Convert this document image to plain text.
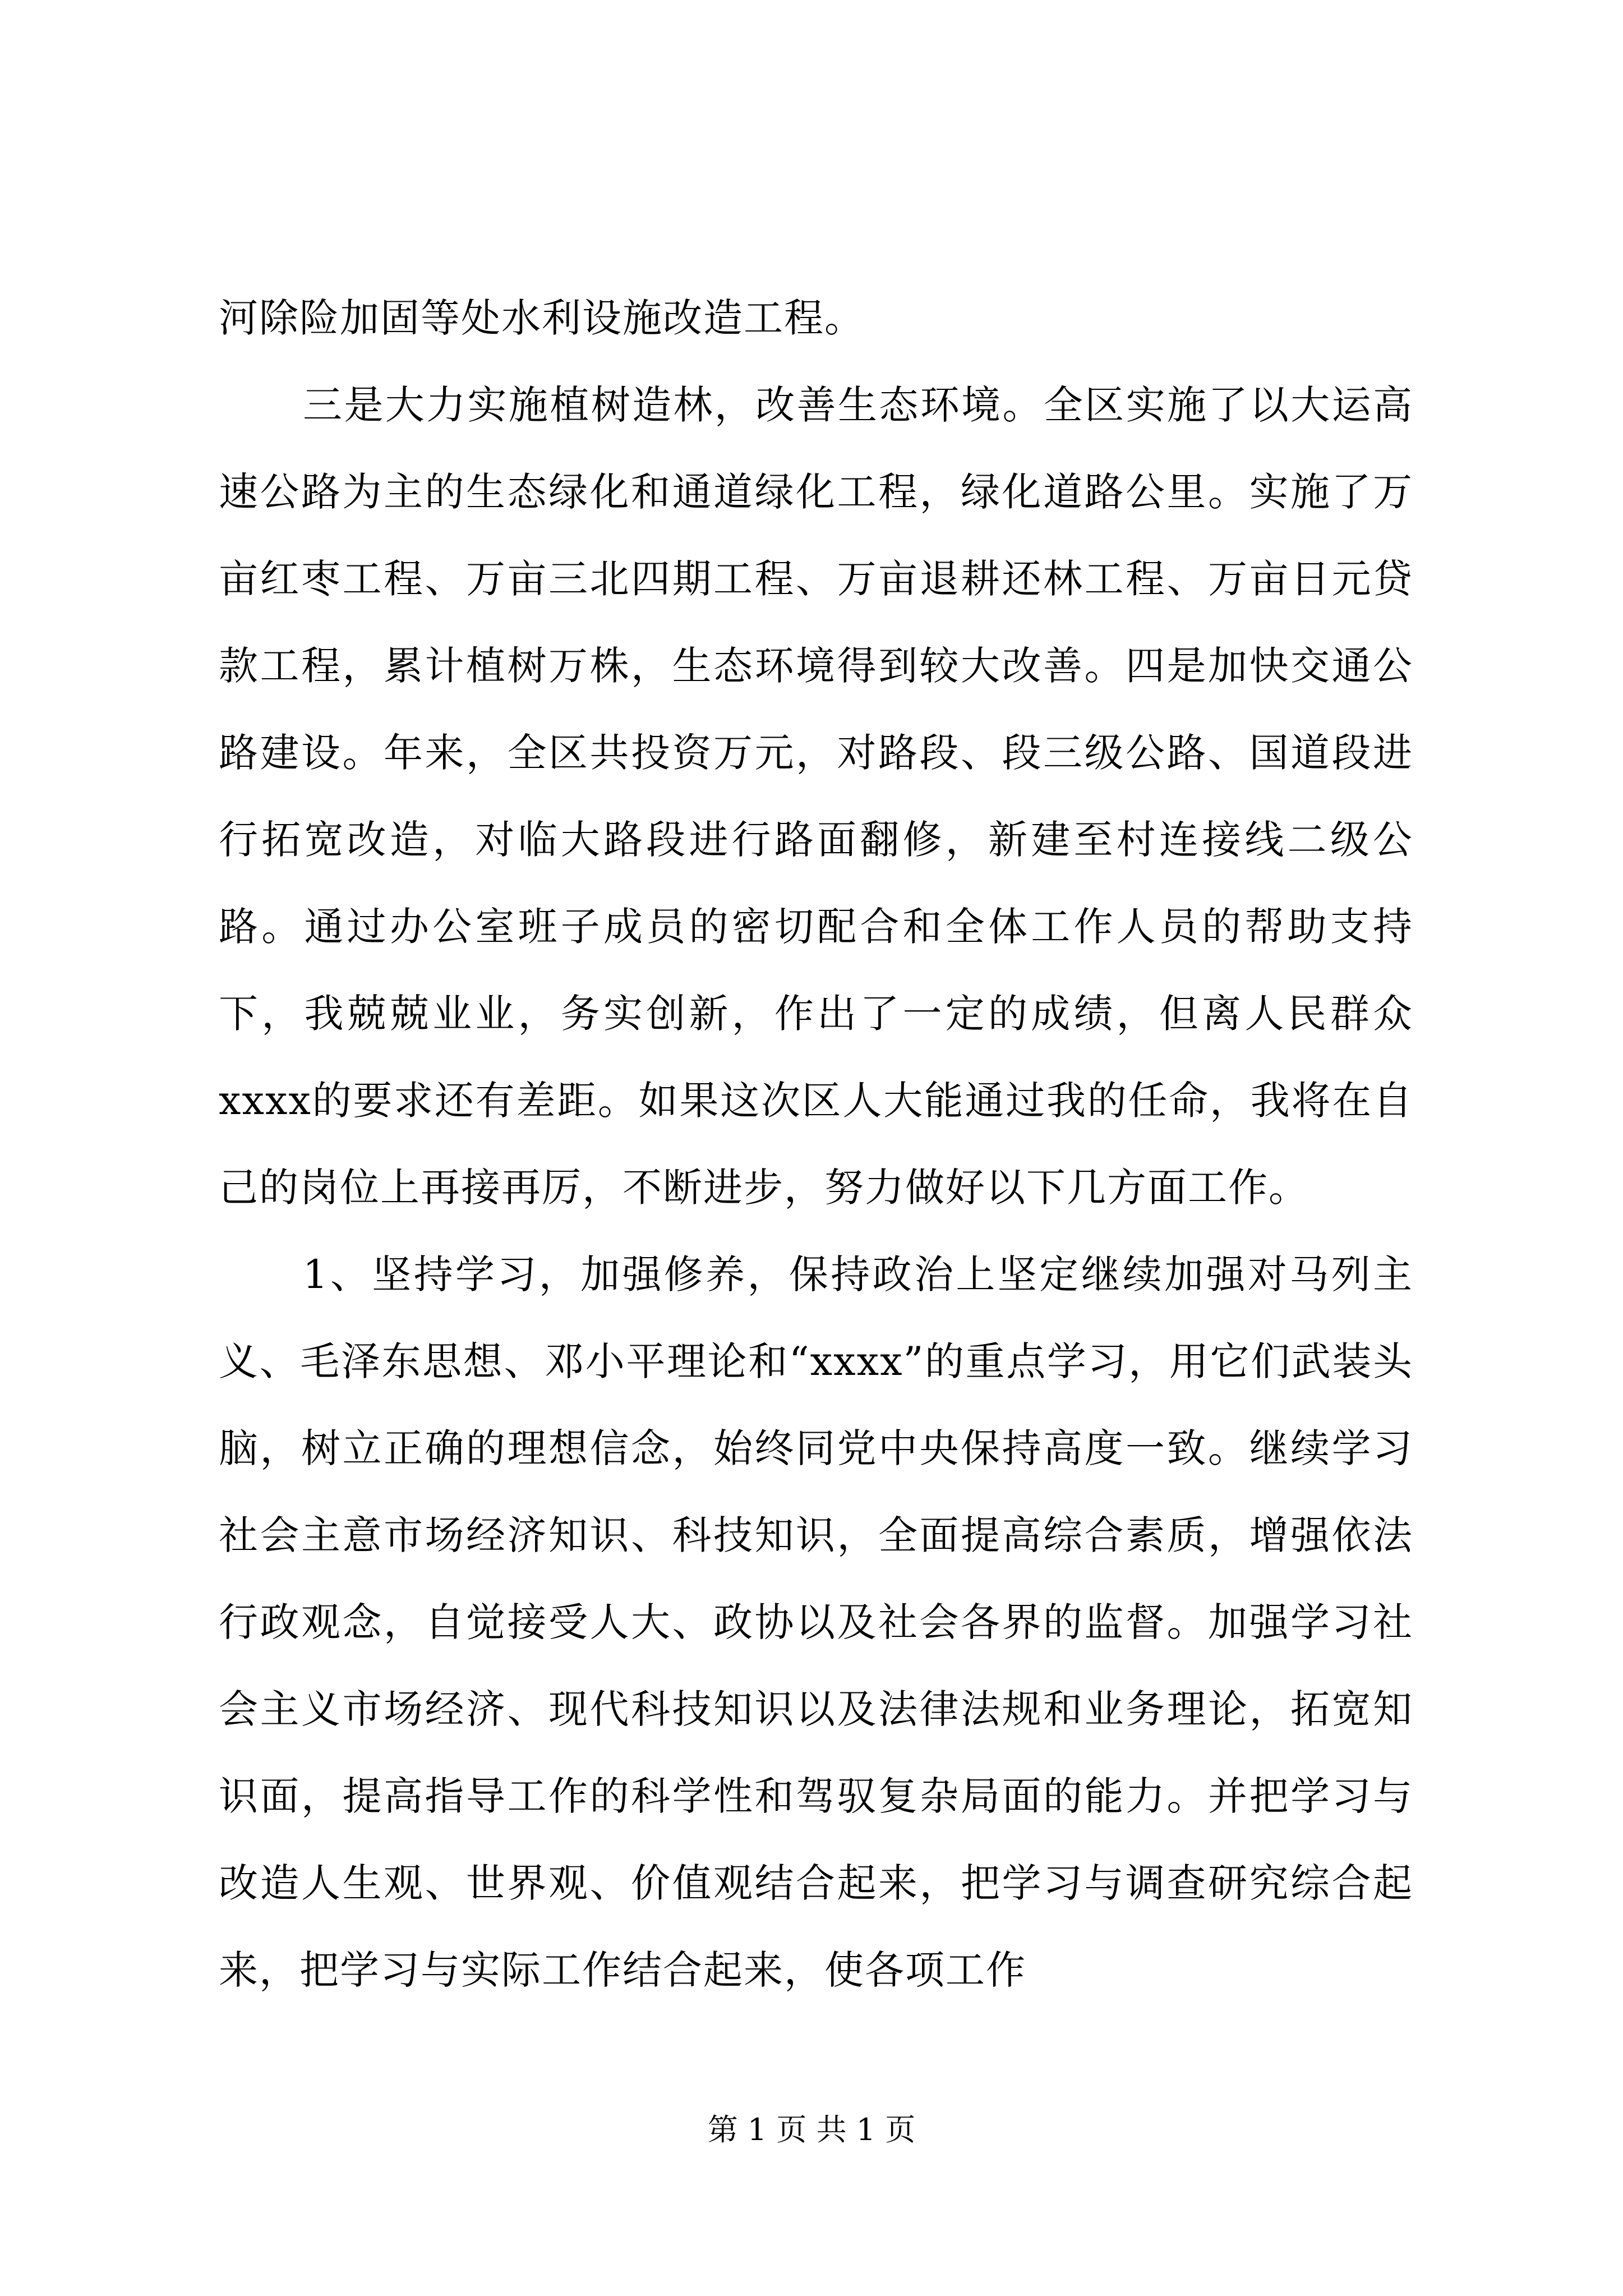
河除险加固等处水利设施改造工程。

三是大力实施植树造林，改善生态环境。全区实施了以大运高速公路为主的生态绿化和通道绿化工程，绿化道路公里。实施了万亩红枣工程、万亩三北四期工程、万亩退耕还林工程、万亩日元贷款工程，累计植树万株，生态环境得到较大改善。四是加快交通公路建设。年来，全区共投资万元，对路段、段三级公路、国道段进行拓宽改造，对临大路段进行路面翻修，新建至村连接线二级公路。通过办公室班子成员的密切配合和全体工作人员的帮助支持下，我兢兢业业，务实创新，作出了一定的成绩，但离人民群众xxxx的要求还有差距。如果这次区人大能通过我的任命，我将在自己的岗位上再接再厉，不断进步，努力做好以下几方面工作。

1、坚持学习，加强修养，保持政治上坚定继续加强对马列主义、毛泽东思想、邓小平理论和“xxxx”的重点学习，用它们武装头脑，树立正确的理想信念，始终同党中央保持高度一致。继续学习社会主意市场经济知识、科技知识，全面提高综合素质，增强依法行政观念，自觉接受人大、政协以及社会各界的监督。加强学习社会主义市场经济、现代科技知识以及法律法规和业务理论，拓宽知识面，提高指导工作的科学性和驾驭复杂局面的能力。并把学习与改造人生观、世界观、价值观结合起来，把学习与调查研究综合起来，把学习与实际工作结合起来，使各项工作

第 1 页 共 1 页
